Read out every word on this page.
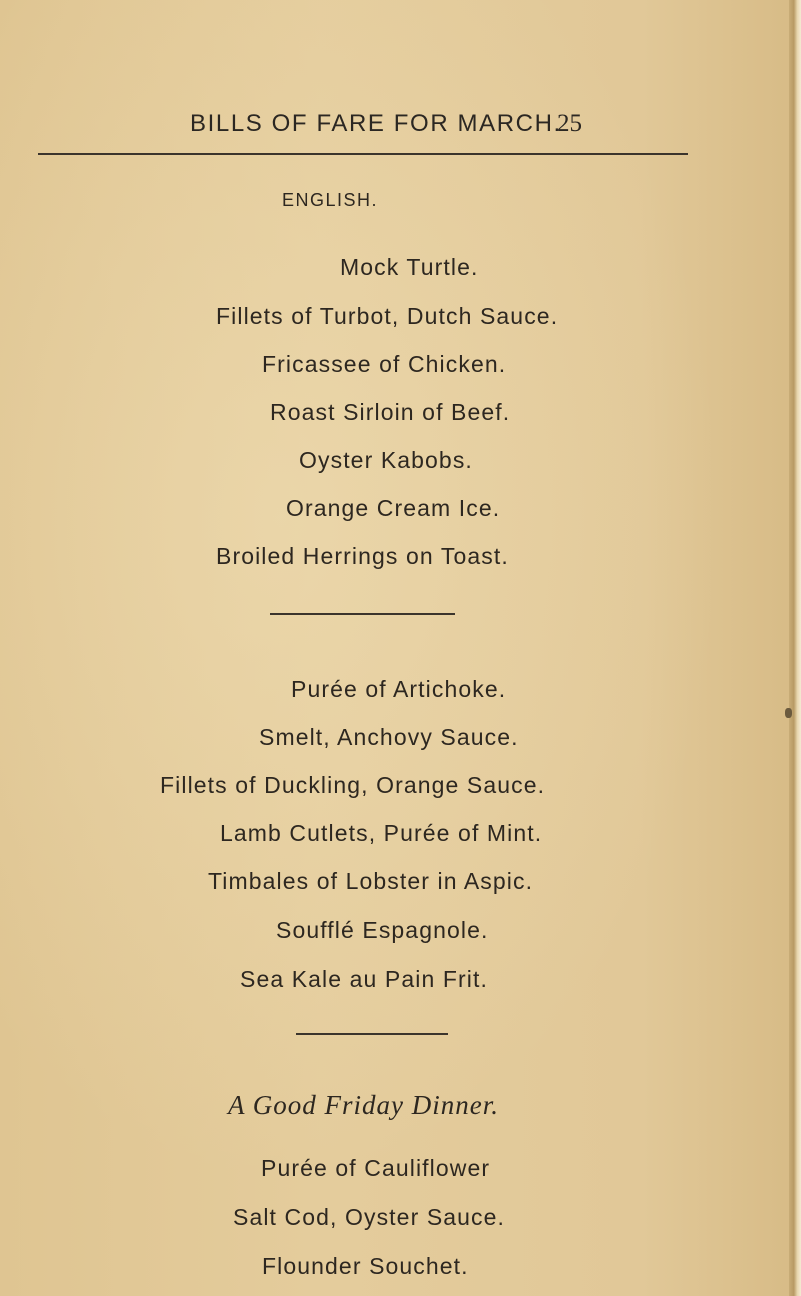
BILLS OF FARE FOR MARCH.
25
ENGLISH.
Mock Turtle.
Fillets of Turbot, Dutch Sauce.
Fricassee of Chicken.
Roast Sirloin of Beef.
Oyster Kabobs.
Orange Cream Ice.
Broiled Herrings on Toast.
Purée of Artichoke.
Smelt, Anchovy Sauce.
Fillets of Duckling, Orange Sauce.
Lamb Cutlets, Purée of Mint.
Timbales of Lobster in Aspic.
Soufflé Espagnole.
Sea Kale au Pain Frit.
A Good Friday Dinner.
Purée of Cauliflower
Salt Cod, Oyster Sauce.
Flounder Souchet.
